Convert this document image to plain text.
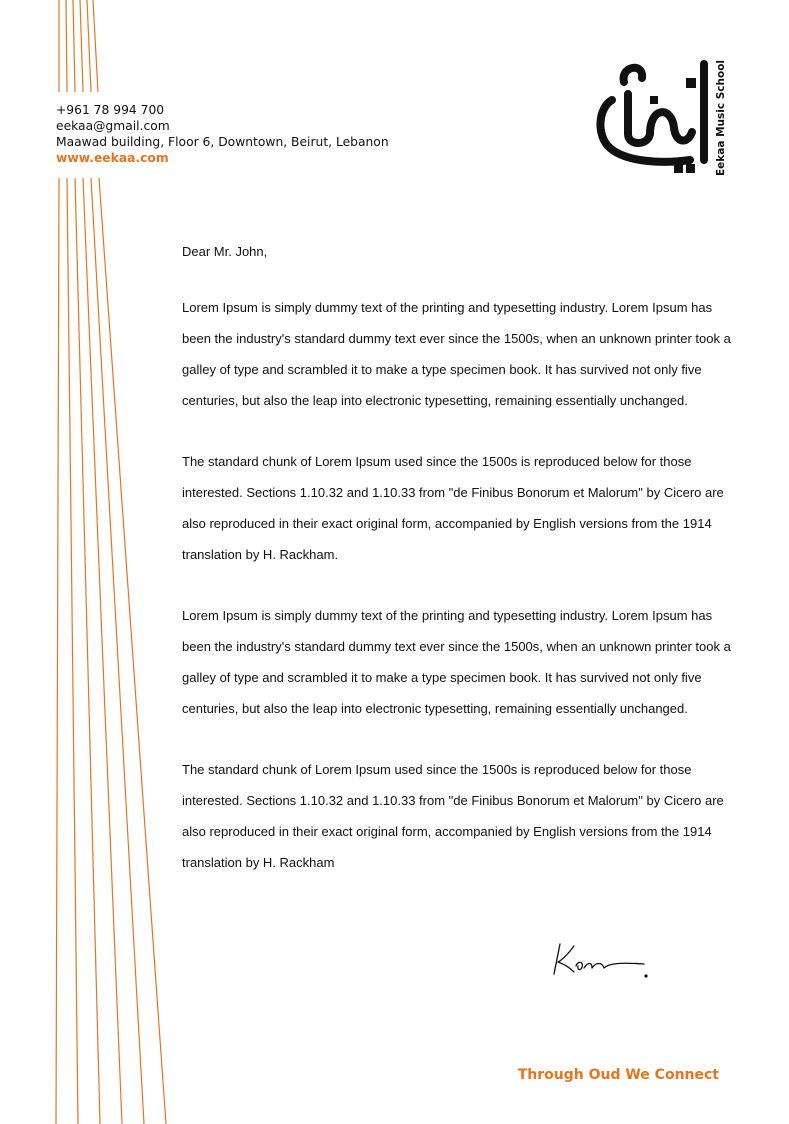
+961 78 994 700
eekaa@gmail.com
Maawad building, Floor 6, Downtown, Beirut, Lebanon
www.eekaa.com	Eekaa Music School

Dear Mr. John,

Lorem Ipsum is simply dummy text of the printing and typesetting industry. Lorem Ipsum has been the industry's standard dummy text ever since the 1500s, when an unknown printer took a galley of type and scrambled it to make a type specimen book. It has survived not only five centuries, but also the leap into electronic typesetting, remaining essentially unchanged.

The standard chunk of Lorem Ipsum used since the 1500s is reproduced below for those interested. Sections 1.10.32 and 1.10.33 from "de Finibus Bonorum et Malorum" by Cicero are also reproduced in their exact original form, accompanied by English versions from the 1914 translation by H. Rackham.

Lorem Ipsum is simply dummy text of the printing and typesetting industry. Lorem Ipsum has been the industry's standard dummy text ever since the 1500s, when an unknown printer took a galley of type and scrambled it to make a type specimen book. It has survived not only five centuries, but also the leap into electronic typesetting, remaining essentially unchanged.

The standard chunk of Lorem Ipsum used since the 1500s is reproduced below for those interested. Sections 1.10.32 and 1.10.33 from "de Finibus Bonorum et Malorum" by Cicero are also reproduced in their exact original form, accompanied by English versions from the 1914 translation by H. Rackham

Through Oud We Connect
